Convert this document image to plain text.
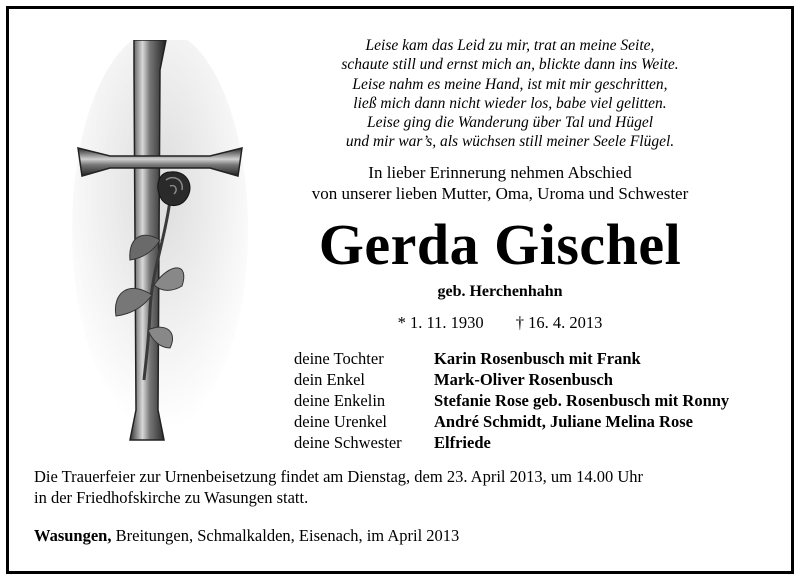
Leise kam das Leid zu mir, trat an meine Seite,
schaute still und ernst mich an, blickte dann ins Weite.
Leise nahm es meine Hand, ist mit mir geschritten,
ließ mich dann nicht wieder los, babe viel gelitten.
Leise ging die Wanderung über Tal und Hügel
und mir war’s, als wüchsen still meiner Seele Flügel.
In lieber Erinnerung nehmen Abschied
von unserer lieben Mutter, Oma, Uroma und Schwester
Gerda Gischel
geb. Herchenhahn
* 1. 11. 1930 † 16. 4. 2013
deine Tochter	Karin Rosenbusch mit Frank
dein Enkel	Mark-Oliver Rosenbusch
deine Enkelin	Stefanie Rose geb. Rosenbusch mit Ronny
deine Urenkel	André Schmidt, Juliane Melina Rose
deine Schwester	Elfriede
Die Trauerfeier zur Urnenbeisetzung findet am Dienstag, dem 23. April 2013, um 14.00 Uhr
in der Friedhofskirche zu Wasungen statt.
Wasungen, Breitungen, Schmalkalden, Eisenach, im April 2013
